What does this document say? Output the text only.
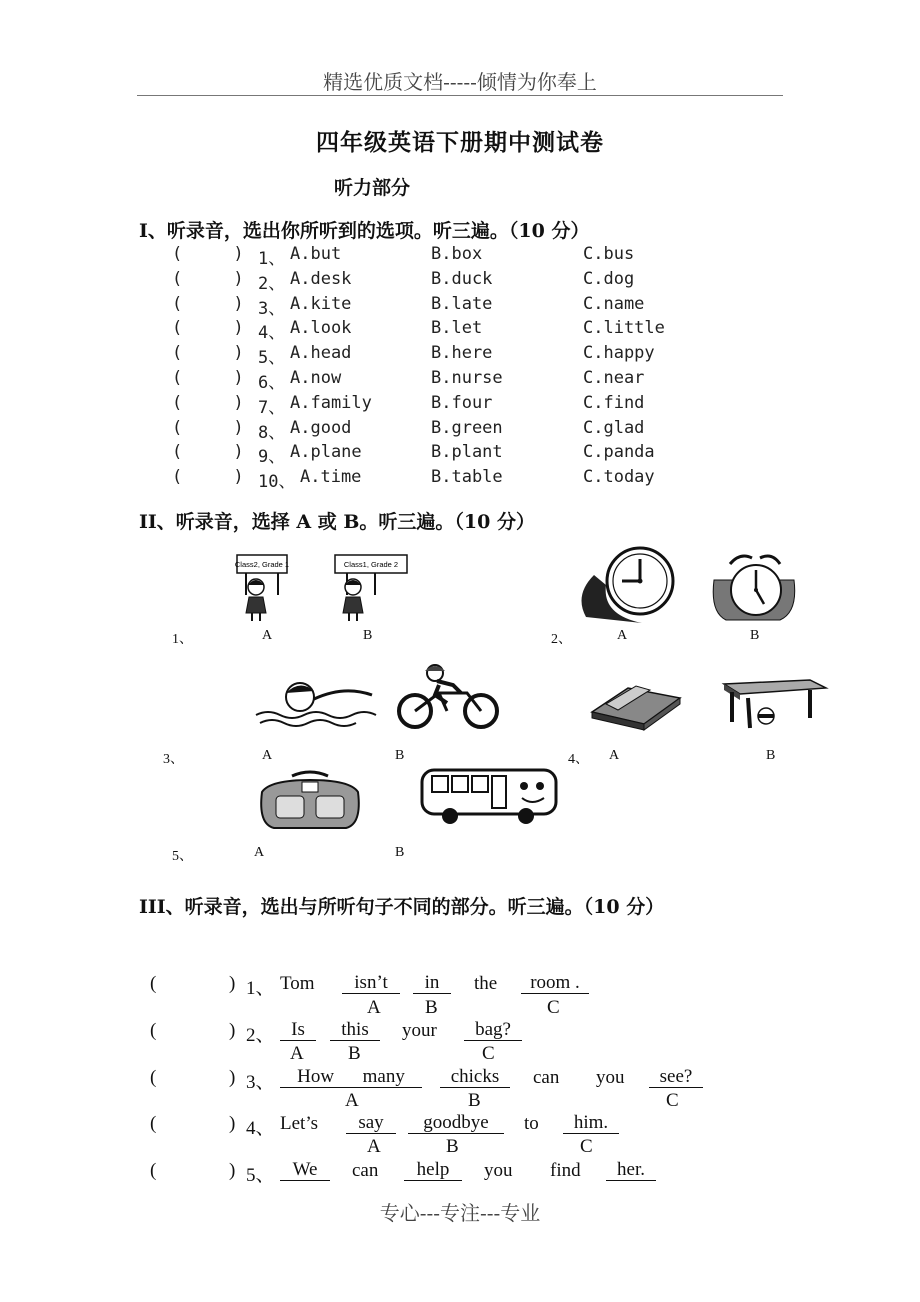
精选优质文档-----倾情为你奉上
四年级英语下册期中测试卷
听力部分
I、听录音，选出你所听到的选项。听三遍。（10 分）
(     ) 1、 A.but	B.box	C.bus
(     ) 2、 A.desk	B.duck	C.dog
(     ) 3、 A.kite	B.late	C.name
(     ) 4、 A.look	B.let	C.little
(     ) 5、 A.head	B.here	C.happy
(     ) 6、 A.now	B.nurse	C.near
(     ) 7、 A.family	B.four	C.find
(     ) 8、 A.good	B.green	C.glad
(     ) 9、 A.plane	B.plant	C.panda
(     ) 10、 A.time	B.table	C.today
II、听录音，选择 A 或 B。听三遍。（10 分）
Class2, Grade 1	Class1, Grade 2
1、	A	B	2、	A	B
3、	A	B	4、 A	B
5、	A	B
III、听录音，选出与所听句子不同的部分。听三遍。（10 分）
(	) 1、 Tom	isn’t	in	the	room .
A B	C
(	) 2、 Is	this	your	bag?
A B	C
(	) 3、	How      many	chicks	can you	see?
A	B	C
(	) 4、 Let’s	say	goodbye	to	him.
A	B	C
(	) 5、 We	can	help	you find	her.
专心---专注---专业
